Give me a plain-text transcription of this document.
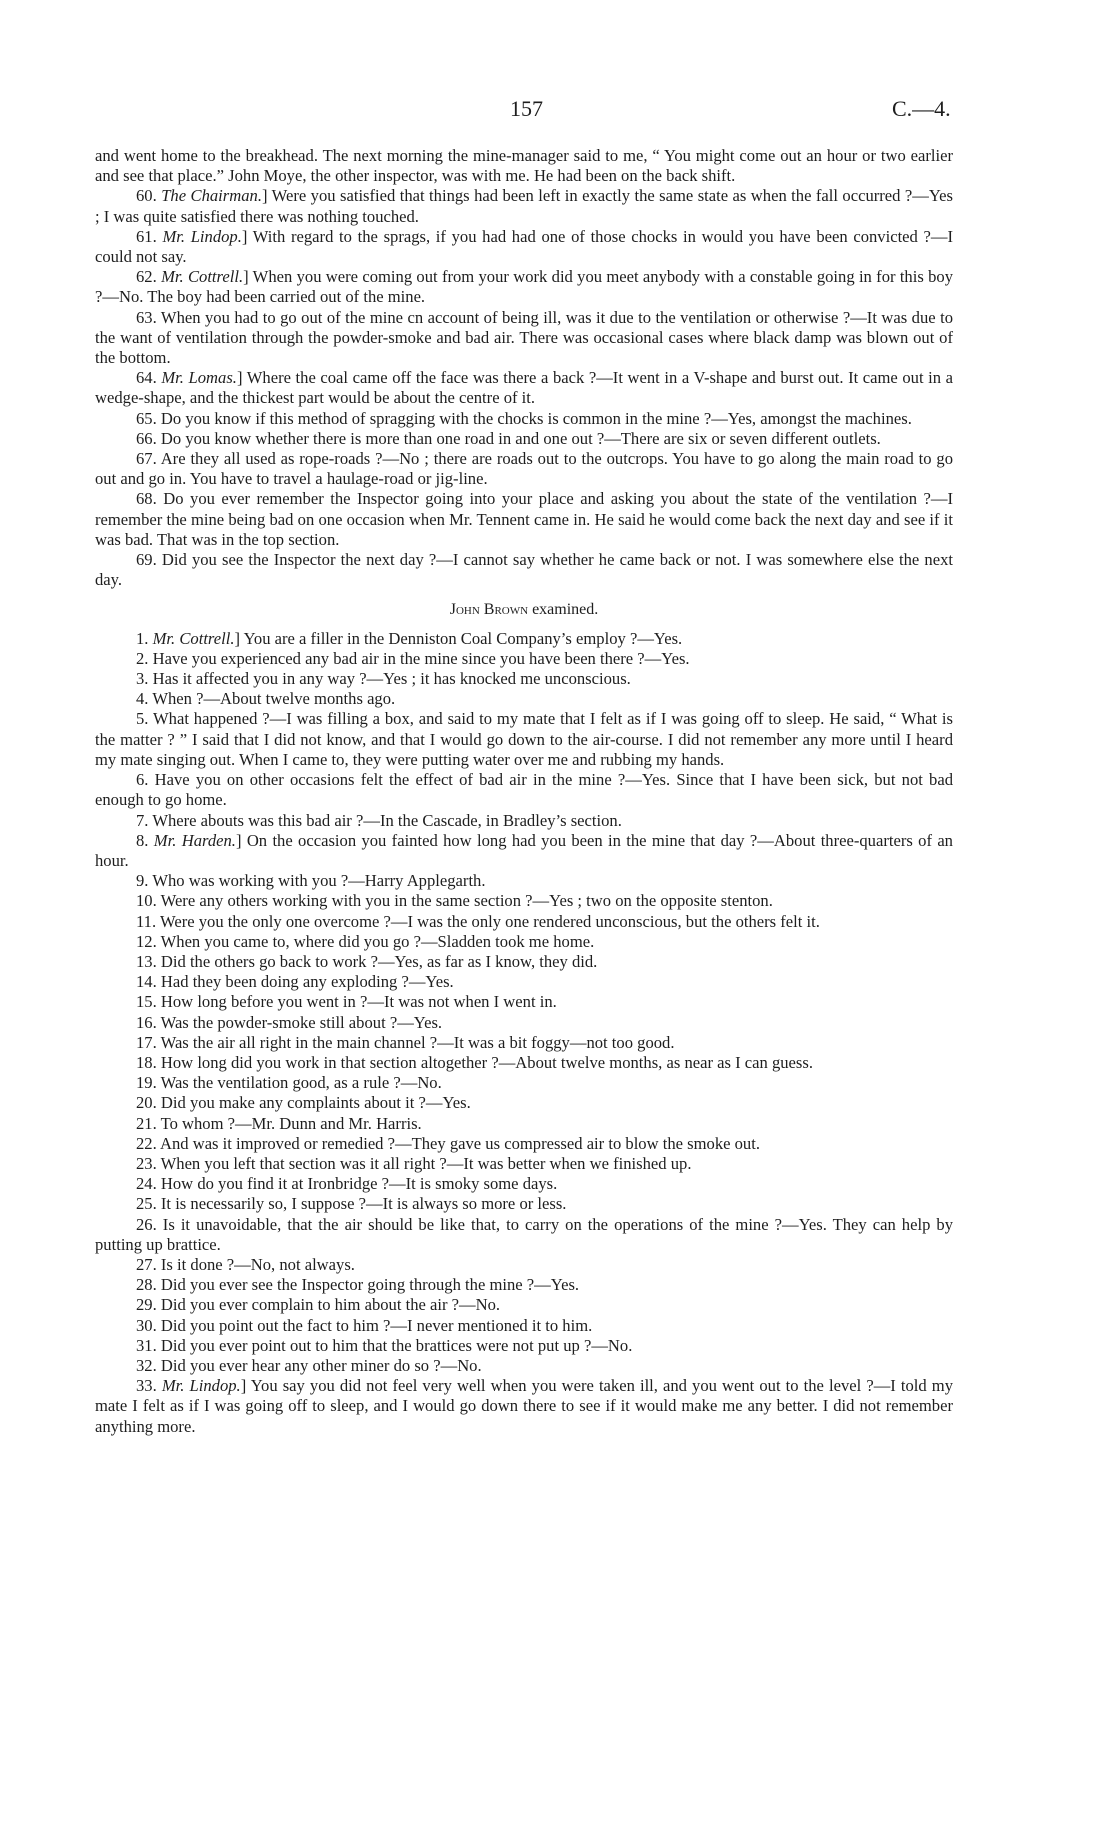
157	C.—4.

and went home to the breakhead. The next morning the mine-manager said to me, “ You might come out an hour or two earlier and see that place.” John Moye, the other inspector, was with me. He had been on the back shift.

60. The Chairman.] Were you satisfied that things had been left in exactly the same state as when the fall occurred ?—Yes ; I was quite satisfied there was nothing touched.

61. Mr. Lindop.] With regard to the sprags, if you had had one of those chocks in would you have been convicted ?—I could not say.

62. Mr. Cottrell.] When you were coming out from your work did you meet anybody with a constable going in for this boy ?—No. The boy had been carried out of the mine.

63. When you had to go out of the mine cn account of being ill, was it due to the ventilation or otherwise ?—It was due to the want of ventilation through the powder-smoke and bad air. There was occasional cases where black damp was blown out of the bottom.

64. Mr. Lomas.] Where the coal came off the face was there a back ?—It went in a V-shape and burst out. It came out in a wedge-shape, and the thickest part would be about the centre of it.

65. Do you know if this method of spragging with the chocks is common in the mine ?—Yes, amongst the machines.

66. Do you know whether there is more than one road in and one out ?—There are six or seven different outlets.

67. Are they all used as rope-roads ?—No ; there are roads out to the outcrops. You have to go along the main road to go out and go in. You have to travel a haulage-road or jig-line.

68. Do you ever remember the Inspector going into your place and asking you about the state of the ventilation ?—I remember the mine being bad on one occasion when Mr. Tennent came in. He said he would come back the next day and see if it was bad. That was in the top section.

69. Did you see the Inspector the next day ?—I cannot say whether he came back or not. I was somewhere else the next day.

John Brown examined.

1. Mr. Cottrell.] You are a filler in the Denniston Coal Company’s employ ?—Yes.

2. Have you experienced any bad air in the mine since you have been there ?—Yes.

3. Has it affected you in any way ?—Yes ; it has knocked me unconscious.

4. When ?—About twelve months ago.

5. What happened ?—I was filling a box, and said to my mate that I felt as if I was going off to sleep. He said, “ What is the matter ? ” I said that I did not know, and that I would go down to the air-course. I did not remember any more until I heard my mate singing out. When I came to, they were putting water over me and rubbing my hands.

6. Have you on other occasions felt the effect of bad air in the mine ?—Yes. Since that I have been sick, but not bad enough to go home.

7. Where abouts was this bad air ?—In the Cascade, in Bradley’s section.

8. Mr. Harden.] On the occasion you fainted how long had you been in the mine that day ?—About three-quarters of an hour.

9. Who was working with you ?—Harry Applegarth.

10. Were any others working with you in the same section ?—Yes ; two on the opposite stenton.

11. Were you the only one overcome ?—I was the only one rendered unconscious, but the others felt it.

12. When you came to, where did you go ?—Sladden took me home.

13. Did the others go back to work ?—Yes, as far as I know, they did.

14. Had they been doing any exploding ?—Yes.

15. How long before you went in ?—It was not when I went in.

16. Was the powder-smoke still about ?—Yes.

17. Was the air all right in the main channel ?—It was a bit foggy—not too good.

18. How long did you work in that section altogether ?—About twelve months, as near as I can guess.

19. Was the ventilation good, as a rule ?—No.

20. Did you make any complaints about it ?—Yes.

21. To whom ?—Mr. Dunn and Mr. Harris.

22. And was it improved or remedied ?—They gave us compressed air to blow the smoke out.

23. When you left that section was it all right ?—It was better when we finished up.

24. How do you find it at Ironbridge ?—It is smoky some days.

25. It is necessarily so, I suppose ?—It is always so more or less.

26. Is it unavoidable, that the air should be like that, to carry on the operations of the mine ?—Yes. They can help by putting up brattice.

27. Is it done ?—No, not always.

28. Did you ever see the Inspector going through the mine ?—Yes.

29. Did you ever complain to him about the air ?—No.

30. Did you point out the fact to him ?—I never mentioned it to him.

31. Did you ever point out to him that the brattices were not put up ?—No.

32. Did you ever hear any other miner do so ?—No.

33. Mr. Lindop.] You say you did not feel very well when you were taken ill, and you went out to the level ?—I told my mate I felt as if I was going off to sleep, and I would go down there to see if it would make me any better. I did not remember anything more.
